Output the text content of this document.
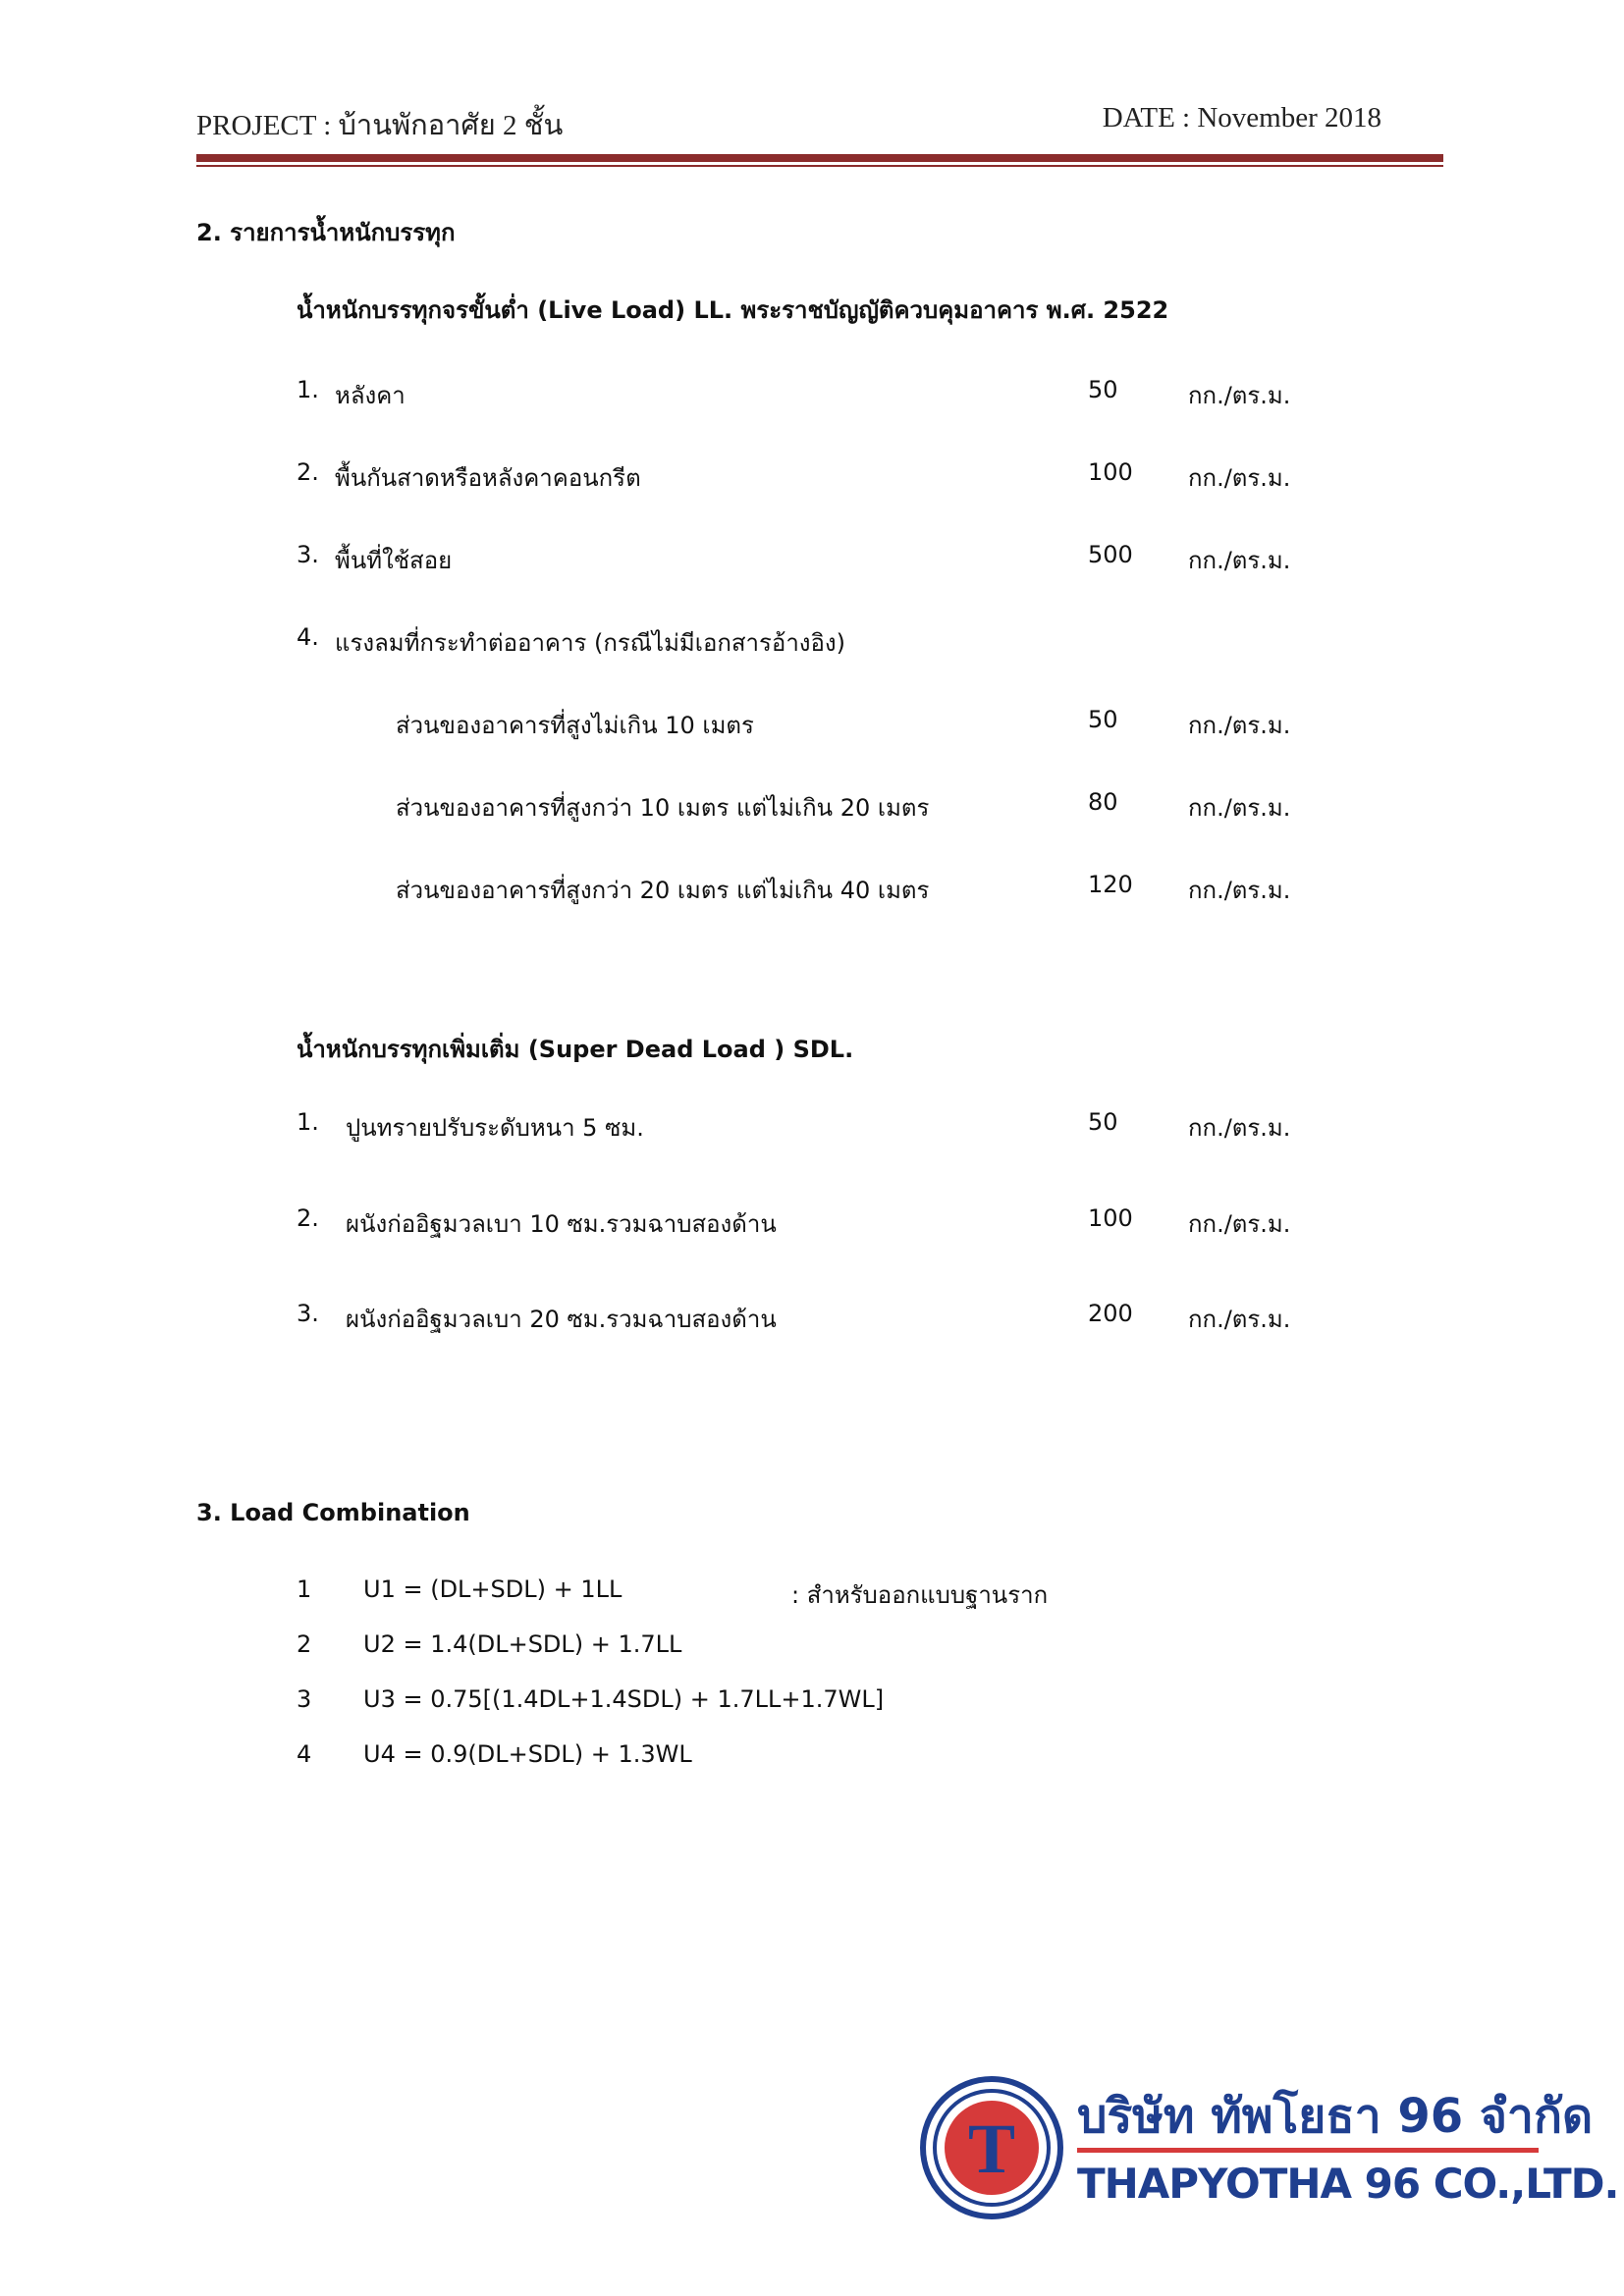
PROJECT : บ้านพักอาศัย 2 ชั้น	DATE : November 2018
2. รายการน้ำหนักบรรทุก
น้ำหนักบรรทุกจรขั้นต่ำ (Live Load) LL. พระราชบัญญัติควบคุมอาคาร พ.ศ. 2522
1. หลังคา	50	กก./ตร.ม.
2. พื้นกันสาดหรือหลังคาคอนกรีต	100 กก./ตร.ม.
3. พื้นที่ใช้สอย	500 กก./ตร.ม.
4. แรงลมที่กระทำต่ออาคาร (กรณีไม่มีเอกสารอ้างอิง)
ส่วนของอาคารที่สูงไม่เกิน 10 เมตร	50	กก./ตร.ม.
ส่วนของอาคารที่สูงกว่า 10 เมตร แต่ไม่เกิน 20 เมตร	80	กก./ตร.ม.
ส่วนของอาคารที่สูงกว่า 20 เมตร แต่ไม่เกิน 40 เมตร	120 กก./ตร.ม.
น้ำหนักบรรทุกเพิ่มเติ่ม (Super Dead Load ) SDL.
1. ปูนทรายปรับระดับหนา 5 ซม.	50	กก./ตร.ม.
2. ผนังก่ออิฐมวลเบา 10 ซม.รวมฉาบสองด้าน	100 กก./ตร.ม.
3. ผนังก่ออิฐมวลเบา 20 ซม.รวมฉาบสองด้าน	200 กก./ตร.ม.
3. Load Combination
1 U1 = (DL+SDL) + 1LL	: สำหรับออกแบบฐานราก
2 U2 = 1.4(DL+SDL) + 1.7LL
3 U3 = 0.75[(1.4DL+1.4SDL) + 1.7LL+1.7WL]
4 U4 = 0.9(DL+SDL) + 1.3WL
T บริษัท ทัพโยธา 96 จำกัด
THAPYOTHA 96 CO.,LTD.
